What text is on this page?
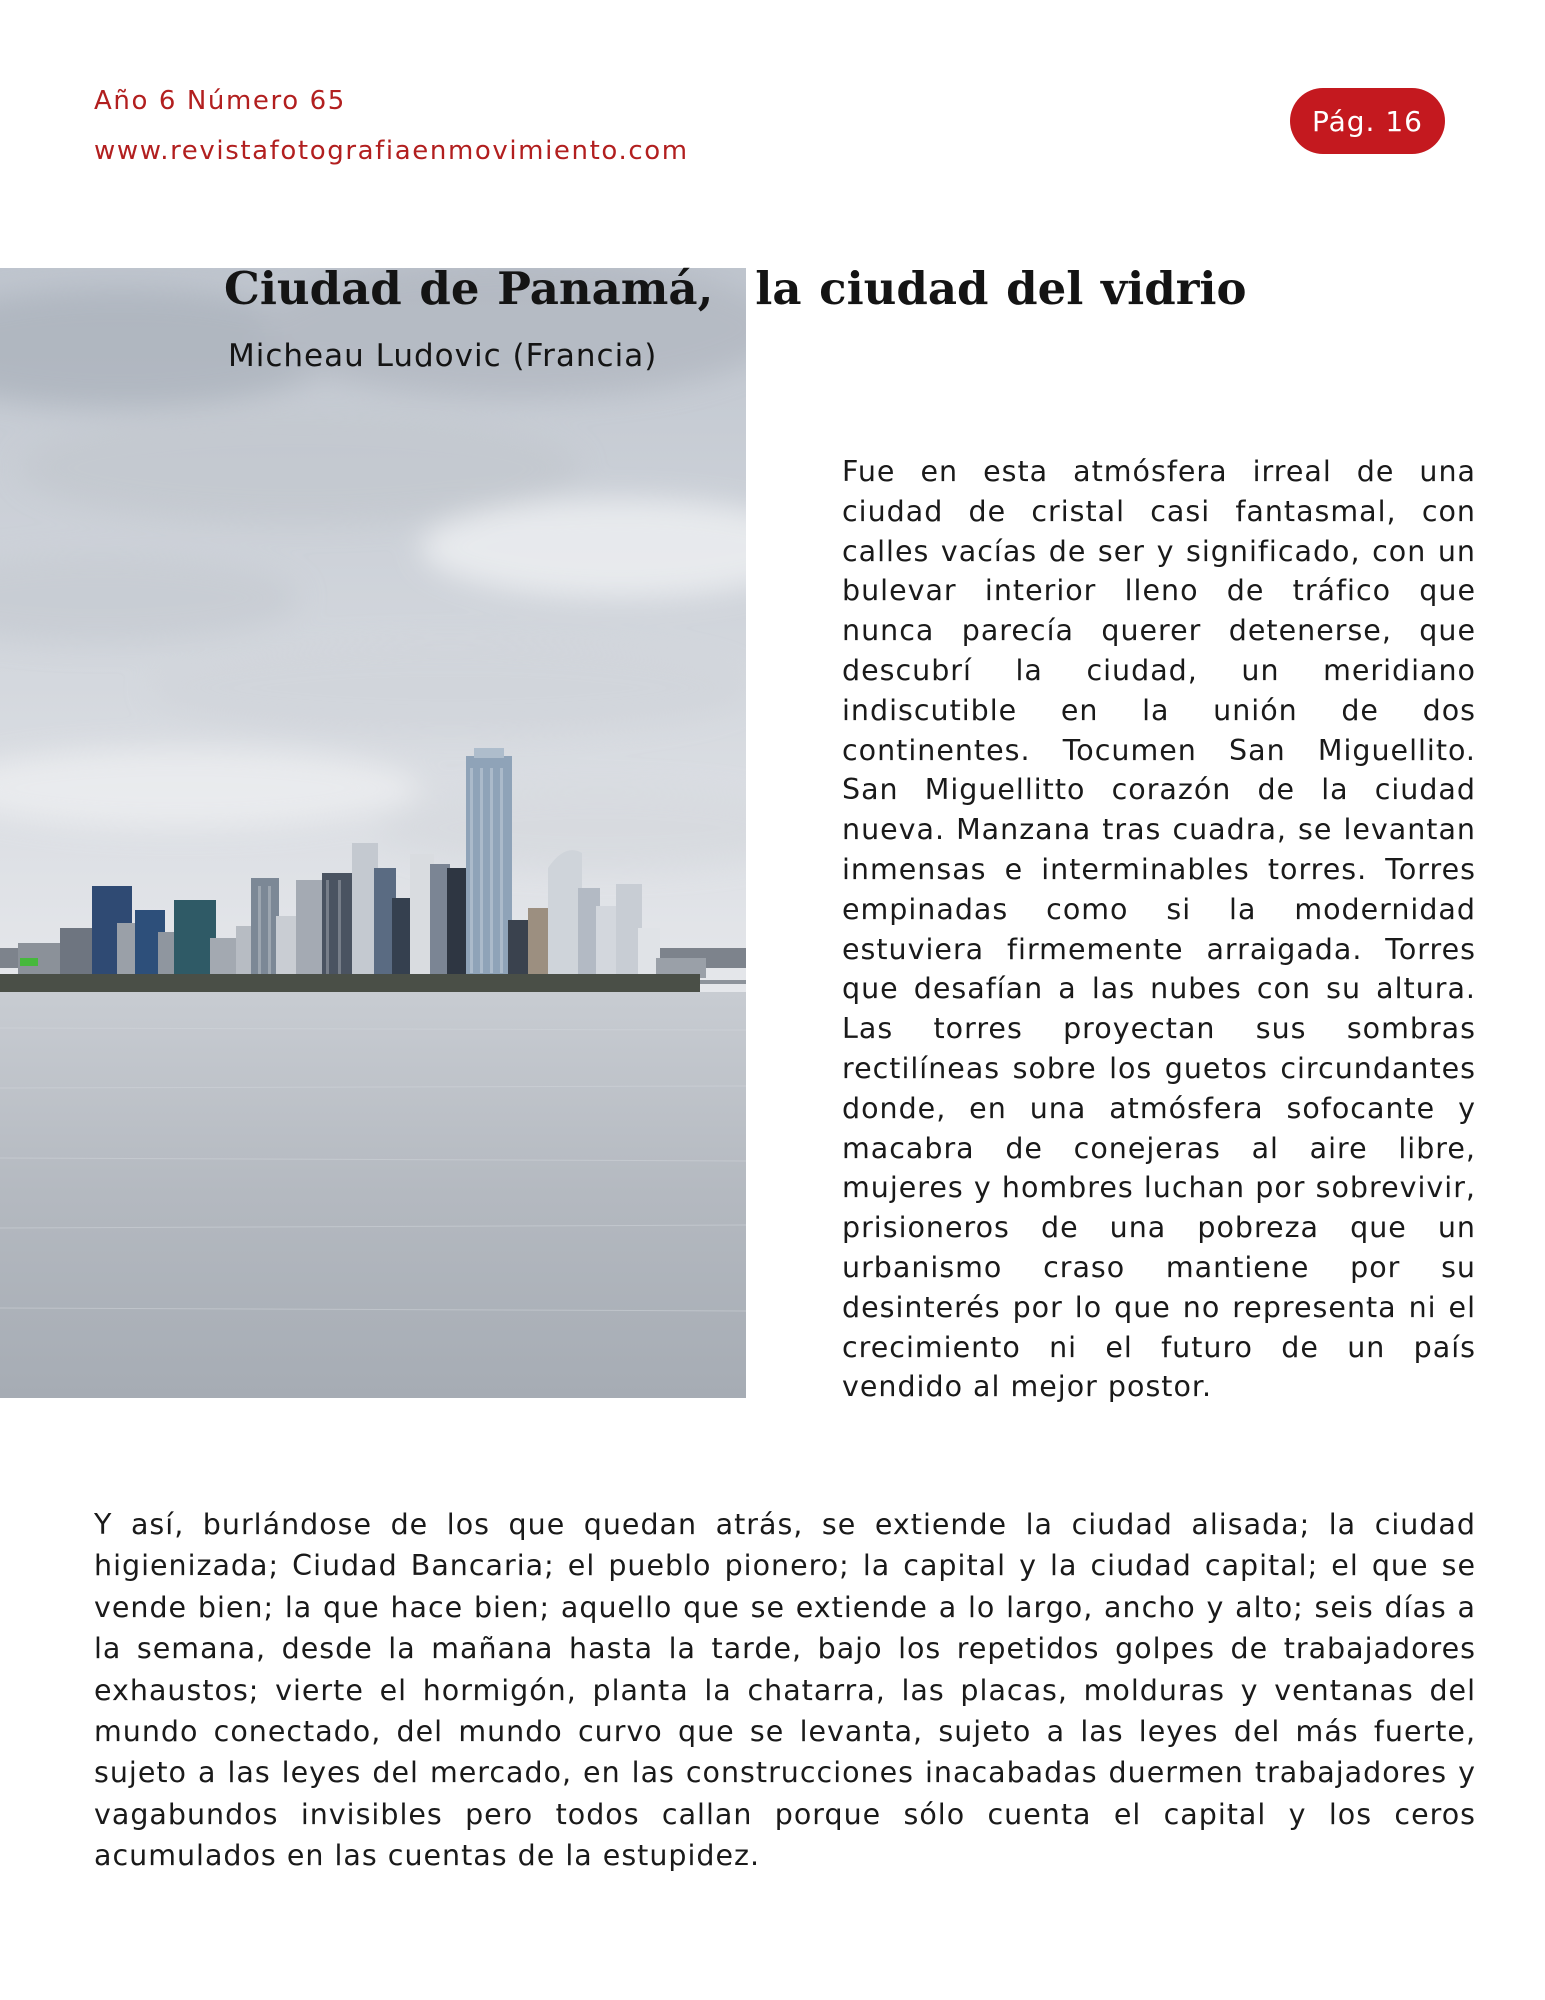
Año 6 Número 65

www.revistafotografiaenmovimiento.com

Pág. 16
Ciudad de Panamá, la ciudad del vidrio

Micheau Ludovic (Francia)

Fue en esta atmósfera irreal de una ciudad de cristal casi fantasmal, con calles vacías de ser y significado, con un bulevar interior lleno de tráfico que nunca parecía querer detenerse, que descubrí la ciudad, un meridiano indiscutible en la unión de dos continentes. Tocumen San Miguellito. San Miguellitto corazón de la ciudad nueva. Manzana tras cuadra, se levantan inmensas e interminables torres. Torres empinadas como si la modernidad estuviera firmemente arraigada. Torres que desafían a las nubes con su altura. Las torres proyectan sus sombras rectilíneas sobre los guetos circundantes donde, en una atmósfera sofocante y macabra de conejeras al aire libre, mujeres y hombres luchan por sobrevivir, prisioneros de una pobreza que un urbanismo craso mantiene por su desinterés por lo que no representa ni el crecimiento ni el futuro de un país vendido al mejor postor.

Y así, burlándose de los que quedan atrás, se extiende la ciudad alisada; la ciudad higienizada; Ciudad Bancaria; el pueblo pionero; la capital y la ciudad capital; el que se vende bien; la que hace bien; aquello que se extiende a lo largo, ancho y alto; seis días a la semana, desde la mañana hasta la tarde, bajo los repetidos golpes de trabajadores exhaustos; vierte el hormigón, planta la chatarra, las placas, molduras y ventanas del mundo conectado, del mundo curvo que se levanta, sujeto a las leyes del más fuerte, sujeto a las leyes del mercado, en las construcciones inacabadas duermen trabajadores y vagabundos invisibles pero todos callan porque sólo cuenta el capital y los ceros acumulados en las cuentas de la estupidez.
